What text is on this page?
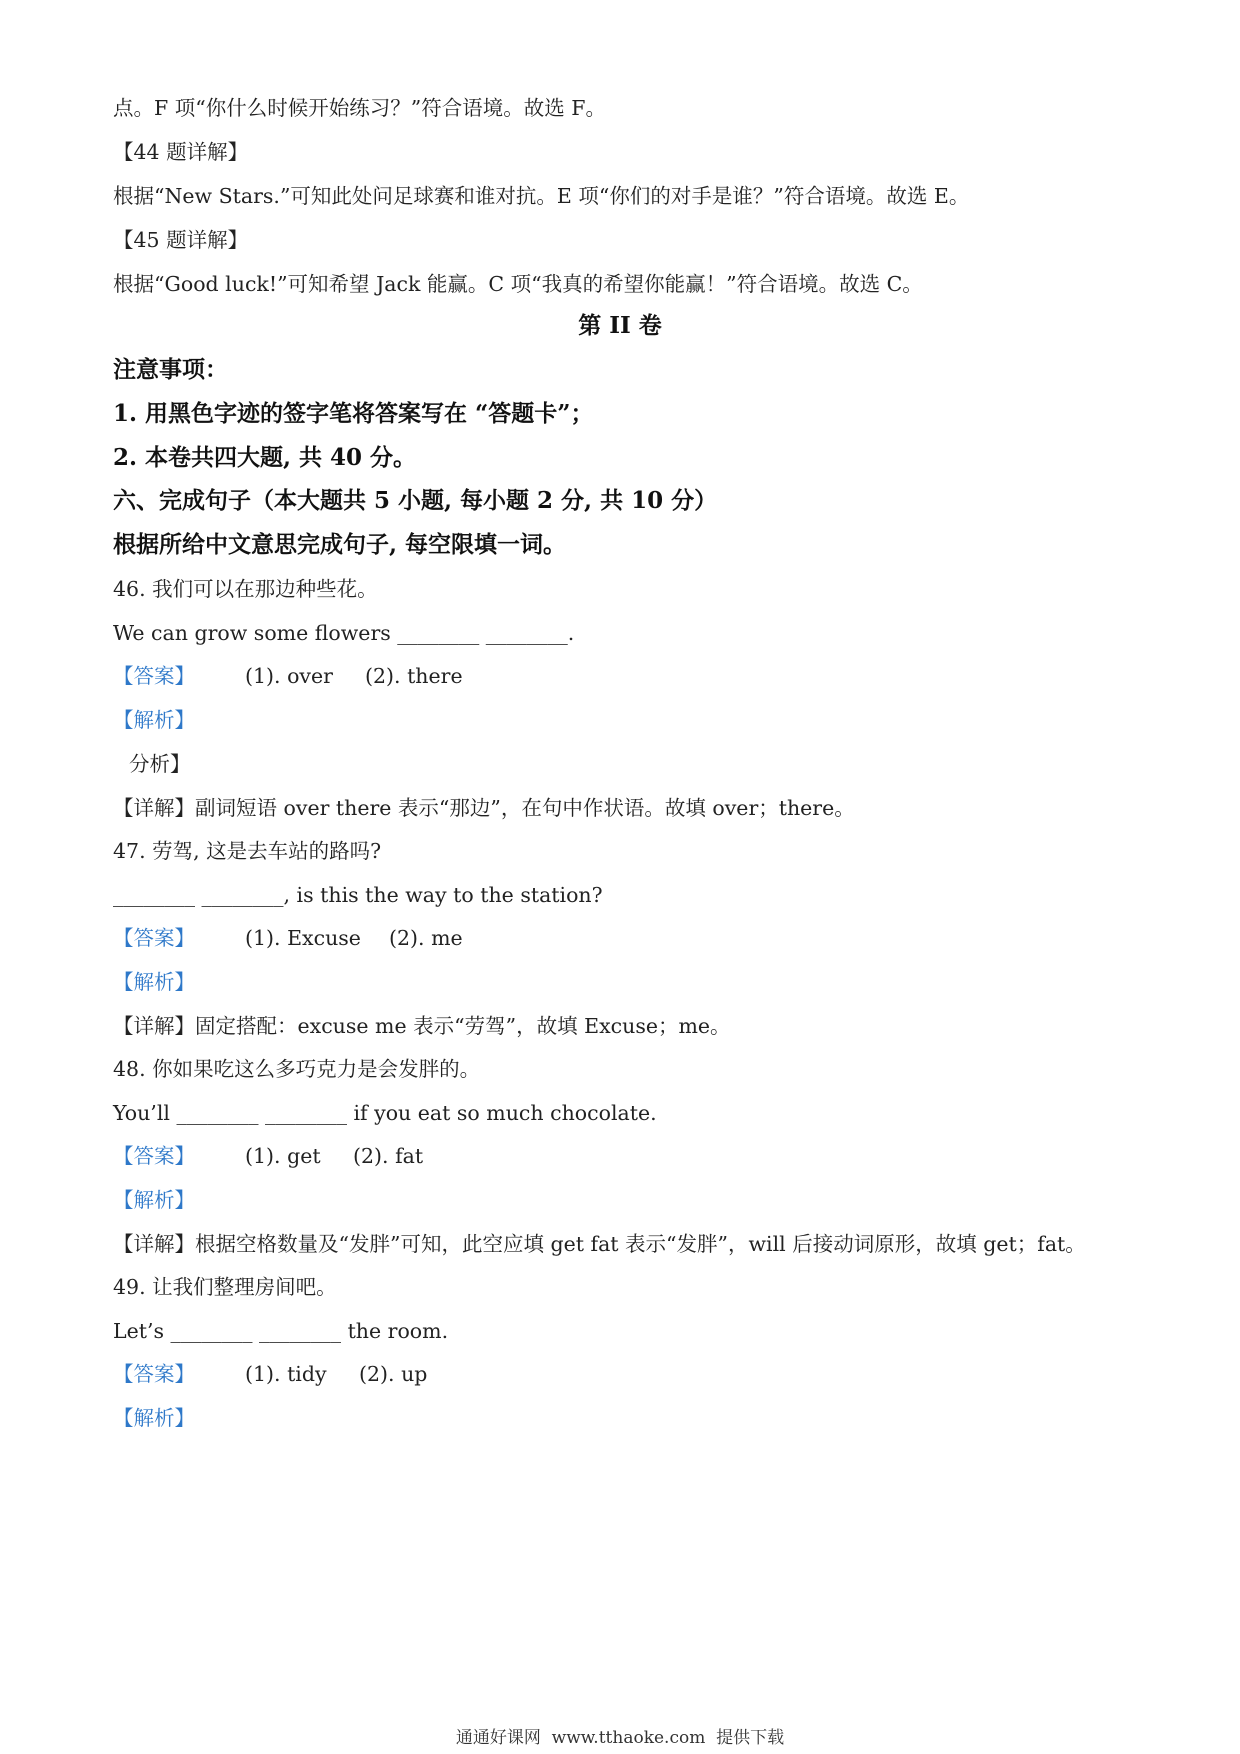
点。F 项“你什么时候开始练习？”符合语境。故选 F。
【44 题详解】
根据“New Stars.”可知此处问足球赛和谁对抗。E 项“你们的对手是谁？”符合语境。故选 E。
【45 题详解】
根据“Good luck!”可知希望 Jack 能赢。C 项“我真的希望你能赢！”符合语境。故选 C。
第 II 卷
注意事项：
1. 用黑色字迹的签字笔将答案写在 “答题卡”；
2. 本卷共四大题, 共 40 分。
六、完成句子（本大题共 5 小题, 每小题 2 分, 共 10 分）
根据所给中文意思完成句子, 每空限填一词。
46. 我们可以在那边种些花。
We can grow some flowers ________ ________.
【答案】 (1). over (2). there
【解析】
分析】
【详解】副词短语 over there 表示“那边”，在句中作状语。故填 over；there。
47. 劳驾, 这是去车站的路吗?
________ ________, is this the way to the station?
【答案】 (1). Excuse (2). me
【解析】
【详解】固定搭配：excuse me 表示“劳驾”，故填 Excuse；me。
48. 你如果吃这么多巧克力是会发胖的。
You’ll ________ ________ if you eat so much chocolate.
【答案】 (1). get (2). fat
【解析】
【详解】根据空格数量及“发胖”可知，此空应填 get fat 表示“发胖”，will 后接动词原形，故填 get；fat。
49. 让我们整理房间吧。
Let’s ________ ________ the room.
【答案】 (1). tidy (2). up
【解析】
通通好课网  www.tthaoke.com  提供下载
